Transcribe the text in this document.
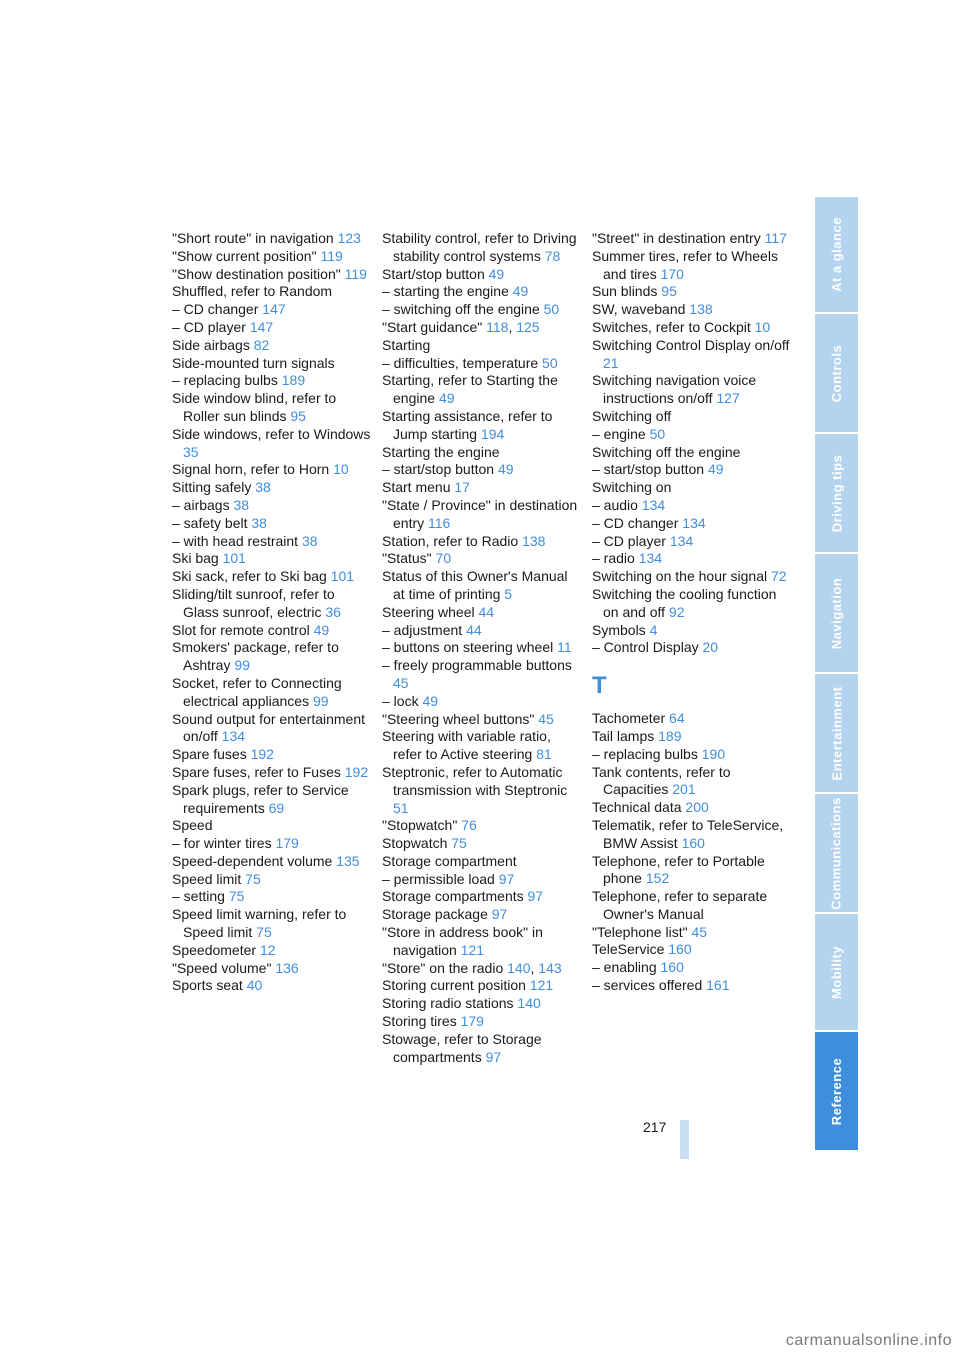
"Short route" in navigation 123
"Show current position" 119
"Show destination position" 119
Shuffled, refer to Random
– CD changer 147
– CD player 147
Side airbags 82
Side-mounted turn signals
– replacing bulbs 189
Side window blind, refer to Roller sun blinds 95
Side windows, refer to Windows 35
Signal horn, refer to Horn 10
Sitting safely 38
– airbags 38
– safety belt 38
– with head restraint 38
Ski bag 101
Ski sack, refer to Ski bag 101
Sliding/tilt sunroof, refer to Glass sunroof, electric 36
Slot for remote control 49
Smokers' package, refer to Ashtray 99
Socket, refer to Connecting electrical appliances 99
Sound output for entertainment on/off 134
Spare fuses 192
Spare fuses, refer to Fuses 192
Spark plugs, refer to Service requirements 69
Speed
– for winter tires 179
Speed-dependent volume 135
Speed limit 75
– setting 75
Speed limit warning, refer to Speed limit 75
Speedometer 12
"Speed volume" 136
Sports seat 40
Stability control, refer to Driving stability control systems 78
Start/stop button 49
– starting the engine 49
– switching off the engine 50
"Start guidance" 118, 125
Starting
– difficulties, temperature 50
Starting, refer to Starting the engine 49
Starting assistance, refer to Jump starting 194
Starting the engine
– start/stop button 49
Start menu 17
"State / Province" in destination entry 116
Station, refer to Radio 138
"Status" 70
Status of this Owner's Manual at time of printing 5
Steering wheel 44
– adjustment 44
– buttons on steering wheel 11
– freely programmable buttons 45
– lock 49
"Steering wheel buttons" 45
Steering with variable ratio, refer to Active steering 81
Steptronic, refer to Automatic transmission with Steptronic 51
"Stopwatch" 76
Stopwatch 75
Storage compartment
– permissible load 97
Storage compartments 97
Storage package 97
"Store in address book" in navigation 121
"Store" on the radio 140, 143
Storing current position 121
Storing radio stations 140
Storing tires 179
Stowage, refer to Storage compartments 97
"Street" in destination entry 117
Summer tires, refer to Wheels and tires 170
Sun blinds 95
SW, waveband 138
Switches, refer to Cockpit 10
Switching Control Display on/off 21
Switching navigation voice instructions on/off 127
Switching off
– engine 50
Switching off the engine
– start/stop button 49
Switching on
– audio 134
– CD changer 134
– CD player 134
– radio 134
Switching on the hour signal 72
Switching the cooling function on and off 92
Symbols 4
– Control Display 20
T
Tachometer 64
Tail lamps 189
– replacing bulbs 190
Tank contents, refer to Capacities 201
Technical data 200
Telematik, refer to TeleService, BMW Assist 160
Telephone, refer to Portable phone 152
Telephone, refer to separate Owner's Manual
"Telephone list" 45
TeleService 160
– enabling 160
– services offered 161
At a glance
Controls
Driving tips
Navigation
Entertainment
Communications
Mobility
Reference
217
carmanualsonline.info
